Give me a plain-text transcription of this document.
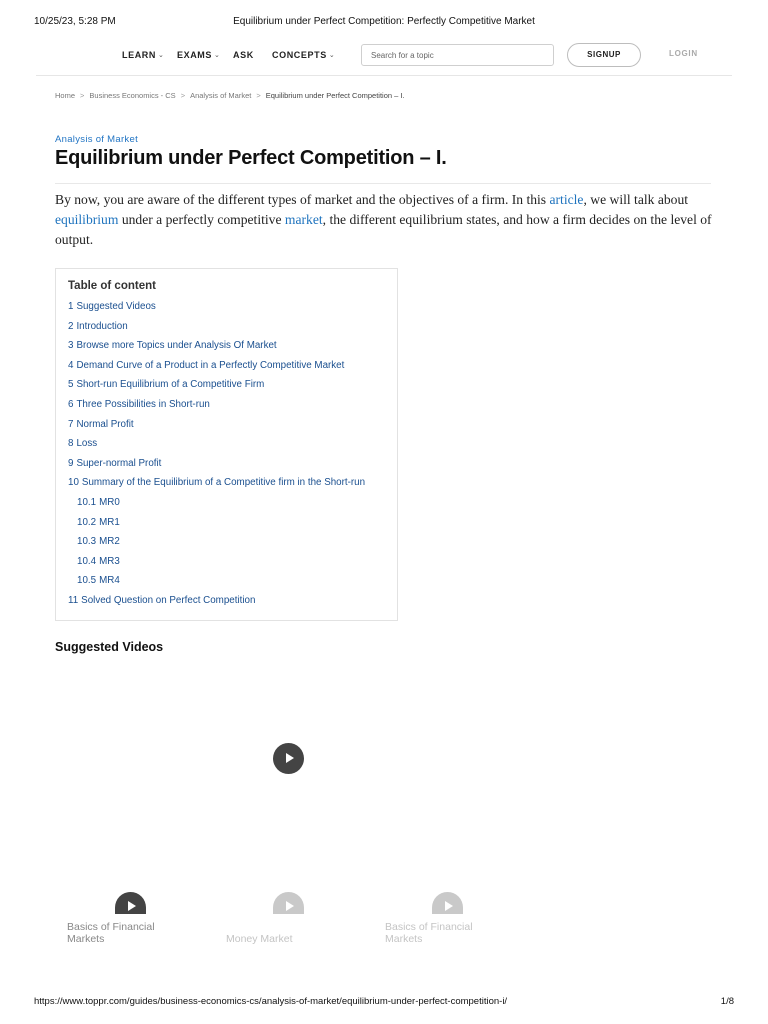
10/25/23, 5:28 PM	Equilibrium under Perfect Competition: Perfectly Competitive Market
LEARN ⌄ EXAMS ⌄ ASK CONCEPTS ⌄
Search for a topic	SIGNUP	LOGIN
Home > Business Economics - CS > Analysis of Market > Equilibrium under Perfect Competition – I.
Analysis of Market
Equilibrium under Perfect Competition – I.

By now, you are aware of the different types of market and the objectives of a firm. In this article, we will talk about equilibrium under a perfectly competitive market, the different equilibrium states, and how a firm decides on the level of output.

Table of content
1 Suggested Videos
2 Introduction
3 Browse more Topics under Analysis Of Market
4 Demand Curve of a Product in a Perfectly Competitive Market
5 Short-run Equilibrium of a Competitive Firm
6 Three Possibilities in Short-run
7 Normal Profit
8 Loss
9 Super-normal Profit
10 Summary of the Equilibrium of a Competitive firm in the Short-run
10.1 MR0
10.2 MR1
10.3 MR2
10.4 MR3
10.5 MR4
11 Solved Question on Perfect Competition
Suggested Videos
Basics of Financial Markets	Money Market
Basics of Financial Markets
https://www.toppr.com/guides/business-economics-cs/analysis-of-market/equilibrium-under-perfect-competition-i/	1/8
